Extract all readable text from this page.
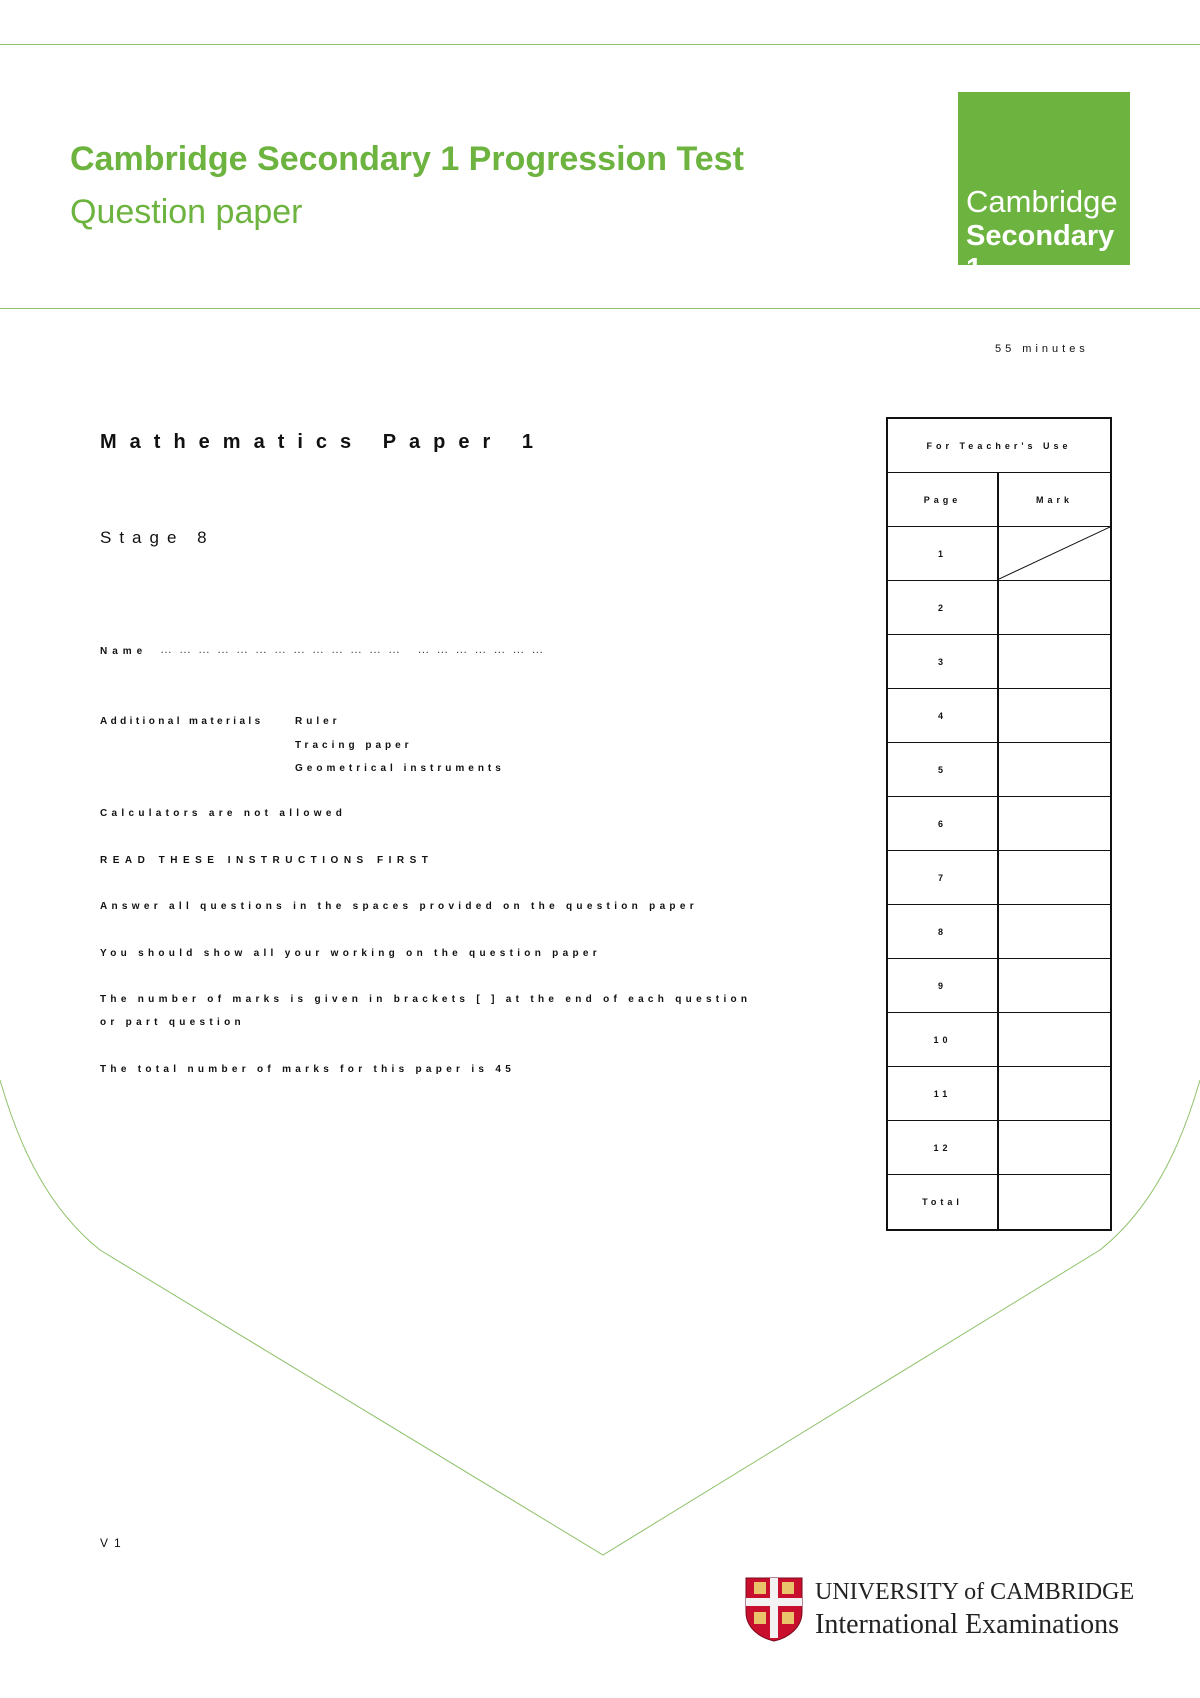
Cambridge Secondary 1 Progression Test
Question paper	Cambridge
Secondary 1
55 minutes
Mathematics Paper 1
Stage 8
Name ………………………………… …………………
Additional materials	Ruler
Tracing paper
Geometrical instruments
Calculators are not allowed
READ THESE INSTRUCTIONS FIRST
Answer all questions in the spaces provided on the question paper
You should show all your working on the question paper
The number of marks is given in brackets [ ] at the end of each question
or part question
The total number of marks for this paper is 45
For Teacher's Use
Page	Mark
1
2
3
4
5
6
7
8
9
10
11
12
Total
UNIVERSITY of CAMBRIDGE
International Examinations
V1
